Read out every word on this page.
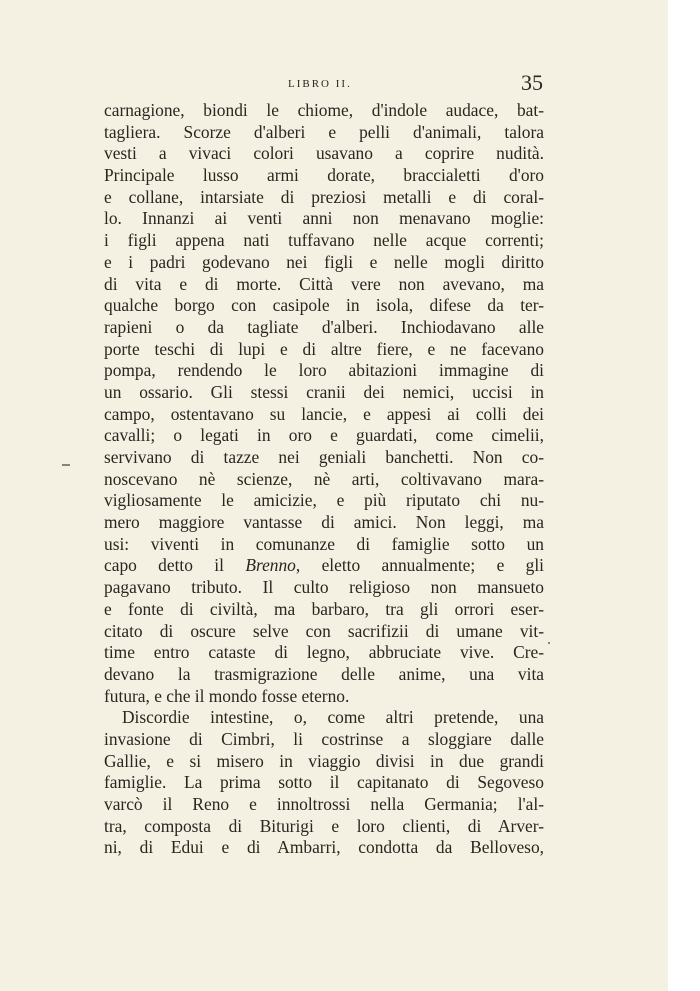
LIBRO II.	35
carnagione, biondi le chiome, d'indole audace, bat-
tagliera. Scorze d'alberi e pelli d'animali, talora
vesti a vivaci colori usavano a coprire nudità.
Principale lusso armi dorate, braccialetti d'oro
e collane, intarsiate di preziosi metalli e di coral-
lo. Innanzi ai venti anni non menavano moglie:
i figli appena nati tuffavano nelle acque correnti;
e i padri godevano nei figli e nelle mogli diritto
di vita e di morte. Città vere non avevano, ma
qualche borgo con casipole in isola, difese da ter-
rapieni o da tagliate d'alberi. Inchiodavano alle
porte teschi di lupi e di altre fiere, e ne facevano
pompa, rendendo le loro abitazioni immagine di
un ossario. Gli stessi cranii dei nemici, uccisi in
campo, ostentavano su lancie, e appesi ai colli dei
cavalli; o legati in oro e guardati, come cimelii,
servivano di tazze nei geniali banchetti. Non co-
noscevano nè scienze, nè arti, coltivavano mara-
vigliosamente le amicizie, e più riputato chi nu-
mero maggiore vantasse di amici. Non leggi, ma
usi: viventi in comunanze di famiglie sotto un
capo detto il Brenno, eletto annualmente; e gli
pagavano tributo. Il culto religioso non mansueto
e fonte di civiltà, ma barbaro, tra gli orrori eser-
citato di oscure selve con sacrifizii di umane vit-
time entro cataste di legno, abbruciate vive. Cre-
devano la trasmigrazione delle anime, una vita
futura, e che il mondo fosse eterno.
Discordie intestine, o, come altri pretende, una
invasione di Cimbri, li costrinse a sloggiare dalle
Gallie, e si misero in viaggio divisi in due grandi
famiglie. La prima sotto il capitanato di Segoveso
varcò il Reno e innoltrossi nella Germania; l'al-
tra, composta di Biturigi e loro clienti, di Arver-
ni, di Edui e di Ambarri, condotta da Belloveso,
